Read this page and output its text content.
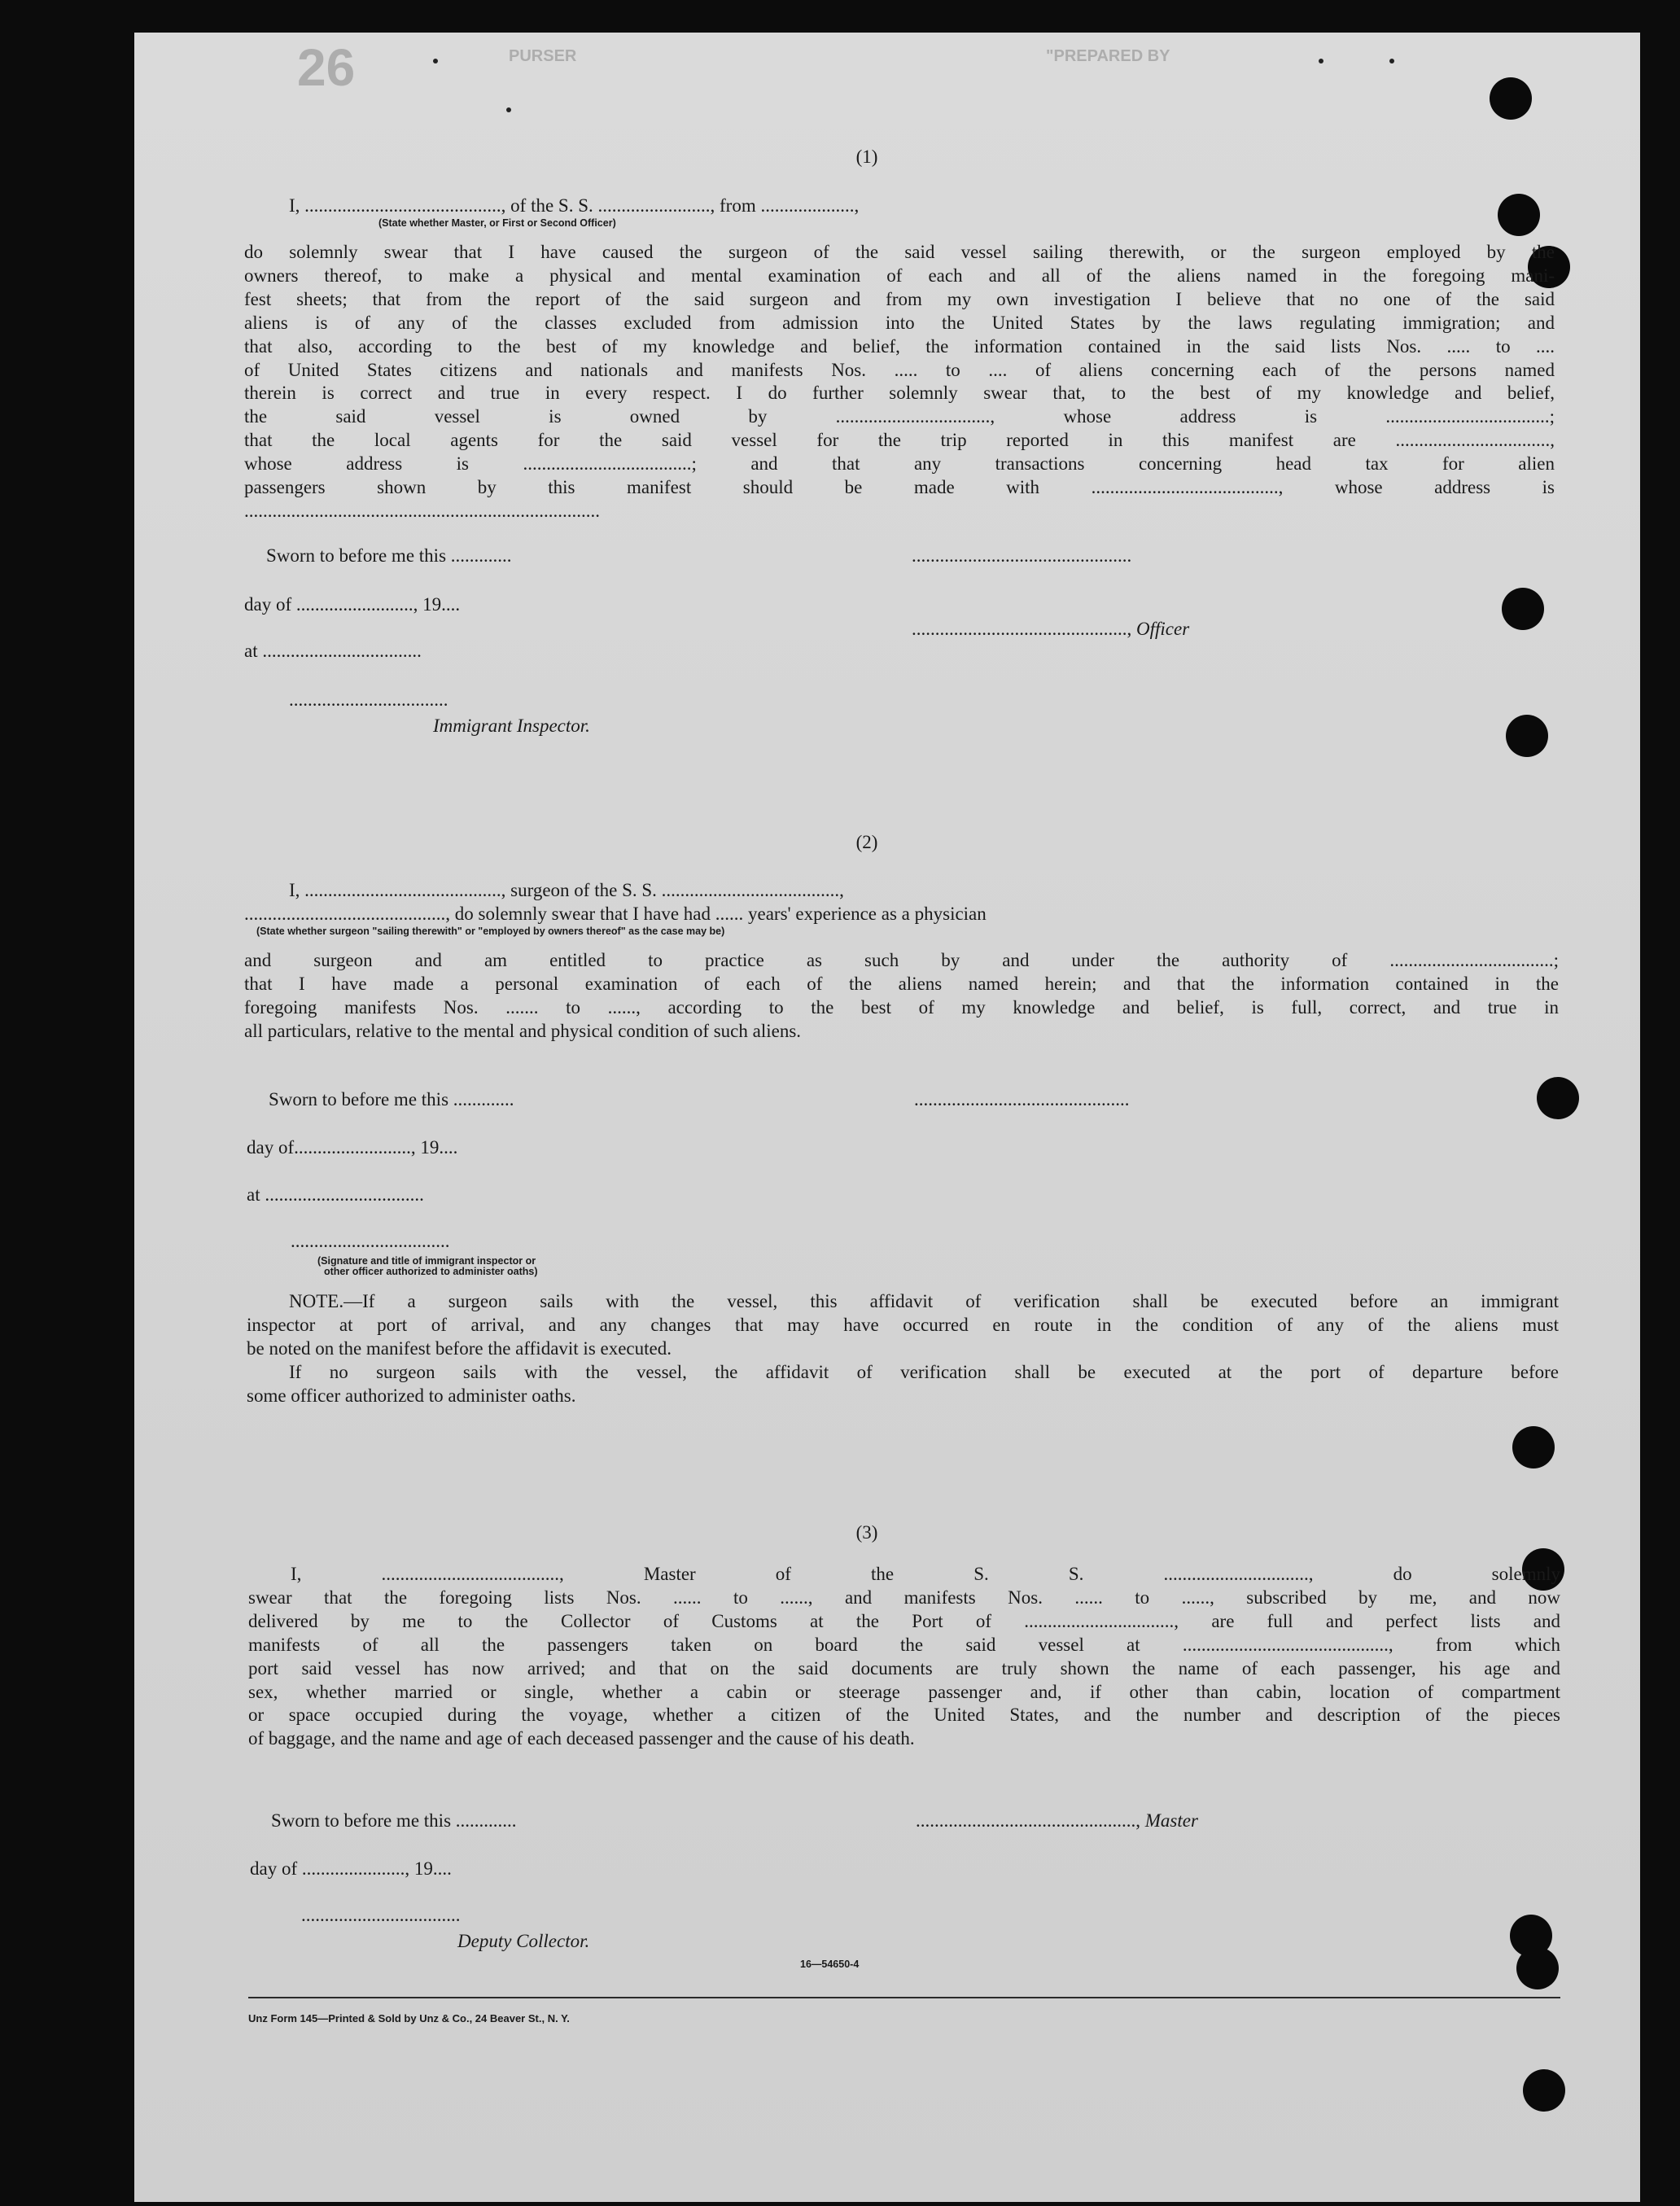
26	"PREPARED BY
PURSER
(1)
I, .........................................., of the S. S. ........................, from ....................,
(State whether Master, or First or Second Officer)

do solemnly swear that I have caused the surgeon of the said vessel sailing therewith, or the surgeon employed by the

owners thereof, to make a physical and mental examination of each and all of the aliens named in the foregoing mani-

fest sheets; that from the report of the said surgeon and from my own investigation I believe that no one of the said

aliens is of any of the classes excluded from admission into the United States by the laws regulating immigration; and

that also, according to the best of my knowledge and belief, the information contained in the said lists Nos. ..... to ....

of United States citizens and nationals and manifests Nos. ..... to .... of aliens concerning each of the persons named

therein is correct and true in every respect. I do further solemnly swear that, to the best of my knowledge and belief,

the said vessel is owned by ................................., whose address is ...................................;

that the local agents for the said vessel for the trip reported in this manifest are .................................,

whose address is ....................................; and that any transactions concerning head tax for alien

passengers shown by this manifest should be made with ........................................, whose address is

............................................................................

Sworn to before me this .............
day of ........................., 19....
at ..................................
..................................
Immigrant Inspector.
...............................................
.............................................., Officer
(2)
I, .........................................., surgeon of the S. S. ......................................,
..........................................., do solemnly swear that I have had ...... years' experience as a physician
(State whether surgeon "sailing therewith" or "employed by owners thereof" as the case may be)

and surgeon and am entitled to practice as such by and under the authority of ...................................;

that I have made a personal examination of each of the aliens named herein; and that the information contained in the

foregoing manifests Nos. ....... to ......, according to the best of my knowledge and belief, is full, correct, and true in

all particulars, relative to the mental and physical condition of such aliens.

Sworn to before me this .............
day of........................., 19....
at ..................................
..................................
(Signature and title of immigrant inspector or
other officer authorized to administer oaths)
..............................................

NOTE.—If a surgeon sails with the vessel, this affidavit of verification shall be executed before an immigrant

inspector at port of arrival, and any changes that may have occurred en route in the condition of any of the aliens must

be noted on the manifest before the affidavit is executed.

If no surgeon sails with the vessel, the affidavit of verification shall be executed at the port of departure before

some officer authorized to administer oaths.

(3)

I, ......................................, Master of the S. S. ..............................., do solemnly

swear that the foregoing lists Nos. ...... to ......, and manifests Nos. ...... to ......, subscribed by me, and now

delivered by me to the Collector of Customs at the Port of ................................, are full and perfect lists and

manifests of all the passengers taken on board the said vessel at ............................................, from which

port said vessel has now arrived; and that on the said documents are truly shown the name of each passenger, his age and

sex, whether married or single, whether a cabin or steerage passenger and, if other than cabin, location of compartment

or space occupied during the voyage, whether a citizen of the United States, and the number and description of the pieces

of baggage, and the name and age of each deceased passenger and the cause of his death.

Sworn to before me this .............
day of ......................, 19....
..................................
Deputy Collector.
..............................................., Master
16—54650-4
Unz Form 145—Printed & Sold by Unz & Co., 24 Beaver St., N. Y.
